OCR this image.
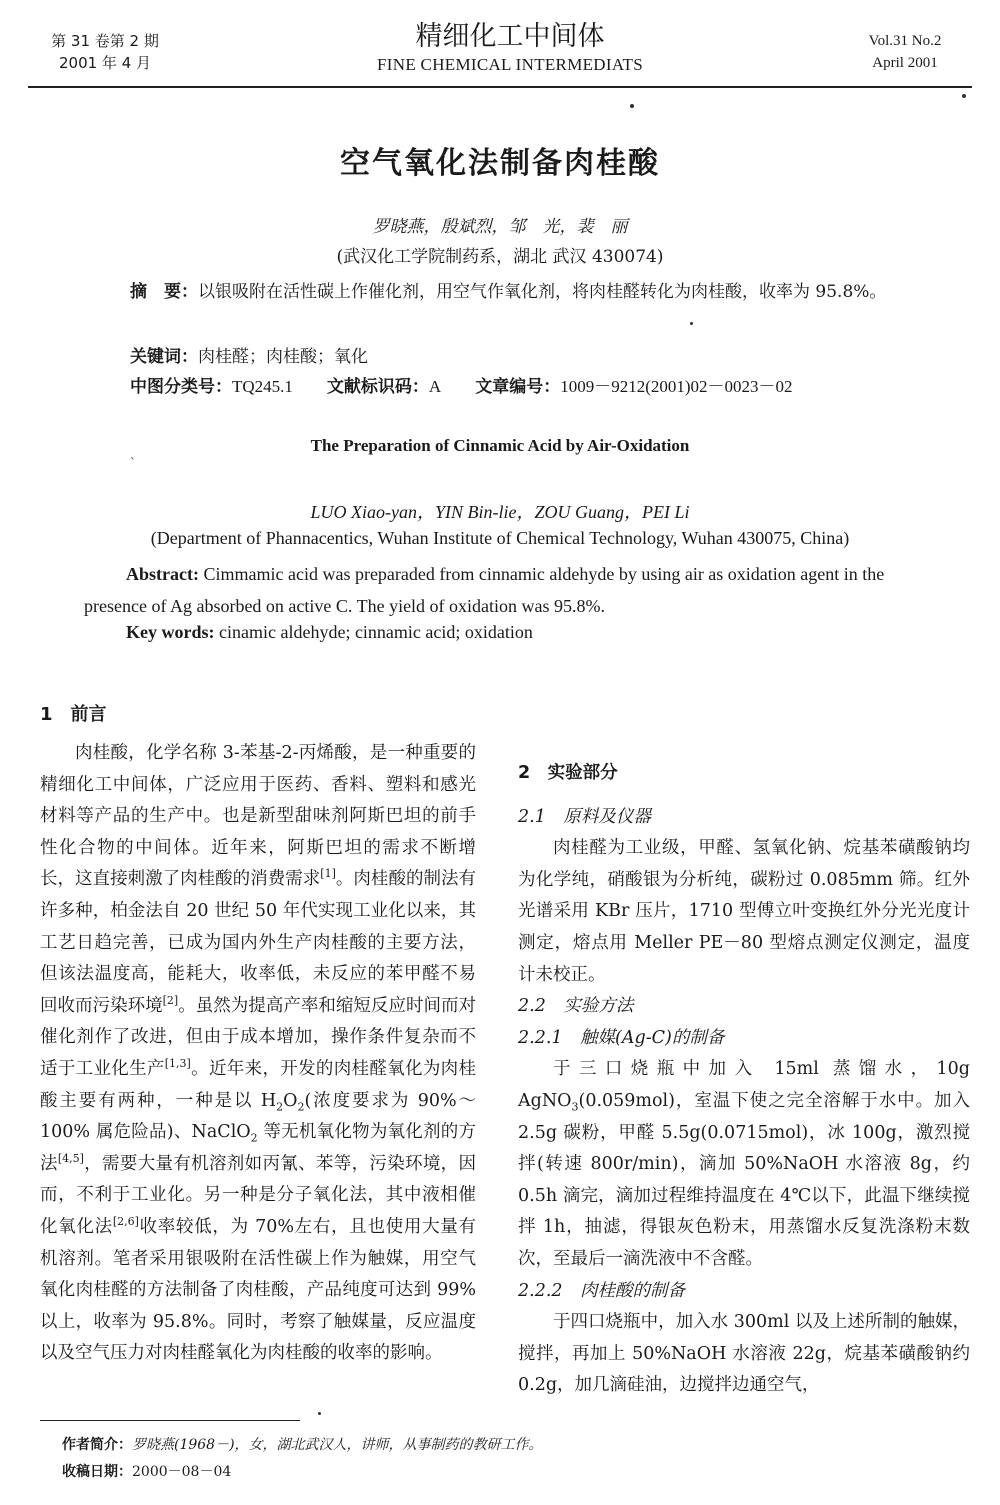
第 31 卷第 2 期
2001 年 4 月
精细化工中间体
FINE CHEMICAL INTERMEDIATS
Vol.31 No.2
April 2001
空气氧化法制备肉桂酸
罗晓燕，殷斌烈，邹　光，裴　丽
(武汉化工学院制药系，湖北 武汉 430074)
摘　要：以银吸附在活性碳上作催化剂，用空气作氧化剂，将肉桂醛转化为肉桂酸，收率为 95.8%。
关键词：肉桂醛；肉桂酸；氧化
中图分类号：TQ245.1　　 文献标识码：A　　 文章编号：1009－9212(2001)02－0023－02
The Preparation of Cinnamic Acid by Air-Oxidation
`
LUO Xiao-yan，YIN Bin-lie，ZOU Guang，PEI Li
(Department of Phannacentics, Wuhan Institute of Chemical Technology, Wuhan 430075, China)
Abstract: Cimmamic acid was preparaded from cinnamic aldehyde by using air as oxidation agent in the presence of Ag absorbed on active C. The yield of oxidation was 95.8%.
Key words: cinamic aldehyde; cinnamic acid; oxidation
1　前言

肉桂酸，化学名称 3-苯基-2-丙烯酸，是一种重要的精细化工中间体，广泛应用于医药、香料、塑料和感光材料等产品的生产中。也是新型甜味剂阿斯巴坦的前手性化合物的中间体。近年来，阿斯巴坦的需求不断增长，这直接刺激了肉桂酸的消费需求[1]。肉桂酸的制法有许多种，柏金法自 20 世纪 50 年代实现工业化以来，其工艺日趋完善，已成为国内外生产肉桂酸的主要方法，但该法温度高，能耗大，收率低，未反应的苯甲醛不易回收而污染环境[2]。虽然为提高产率和缩短反应时间而对催化剂作了改进，但由于成本增加，操作条件复杂而不适于工业化生产[1,3]。近年来，开发的肉桂醛氧化为肉桂酸主要有两种，一种是以 $H_2O_2$(浓度要求为 90%～100% 属危险品)、NaClO$_2$ 等无机氧化物为氧化剂的方法[4,5]，需要大量有机溶剂如丙氰、苯等，污染环境，因而，不利于工业化。另一种是分子氧化法，其中液相催化氧化法[2,6]收率较低，为 70%左右，且也使用大量有机溶剂。笔者采用银吸附在活性碳上作为触媒，用空气氧化肉桂醛的方法制备了肉桂酸，产品纯度可达到 99%以上，收率为 95.8%。同时，考察了触媒量，反应温度以及空气压力对肉桂醛氧化为肉桂酸的收率的影响。

2　实验部分

2.1　原料及仪器

肉桂醛为工业级，甲醛、氢氧化钠、烷基苯磺酸钠均为化学纯，硝酸银为分析纯，碳粉过 0.085mm 筛。红外光谱采用 KBr 压片，1710 型傅立叶变换红外分光光度计测定，熔点用 Meller PE－80 型熔点测定仪测定，温度计未校正。

2.2　实验方法

2.2.1　触媒(Ag-C)的制备

于三口烧瓶中加入 15ml 蒸馏水，10g AgNO$_3$(0.059mol)，室温下使之完全溶解于水中。加入 2.5g 碳粉，甲醛 5.5g(0.0715mol)，冰 100g，激烈搅拌(转速 800r/min)，滴加 50%NaOH 水溶液 8g，约 0.5h 滴完，滴加过程维持温度在 4℃以下，此温下继续搅拌 1h，抽滤，得银灰色粉末，用蒸馏水反复洗涤粉末数次，至最后一滴洗液中不含醛。

2.2.2　肉桂酸的制备

于四口烧瓶中，加入水 300ml 以及上述所制的触媒，搅拌，再加上 50%NaOH 水溶液 22g，烷基苯磺酸钠约 0.2g，加几滴硅油，边搅拌边通空气，

作者简介：罗晓燕(1968－)，女，湖北武汉人，讲师，从事制药的教研工作。
收稿日期：2000－08－04
